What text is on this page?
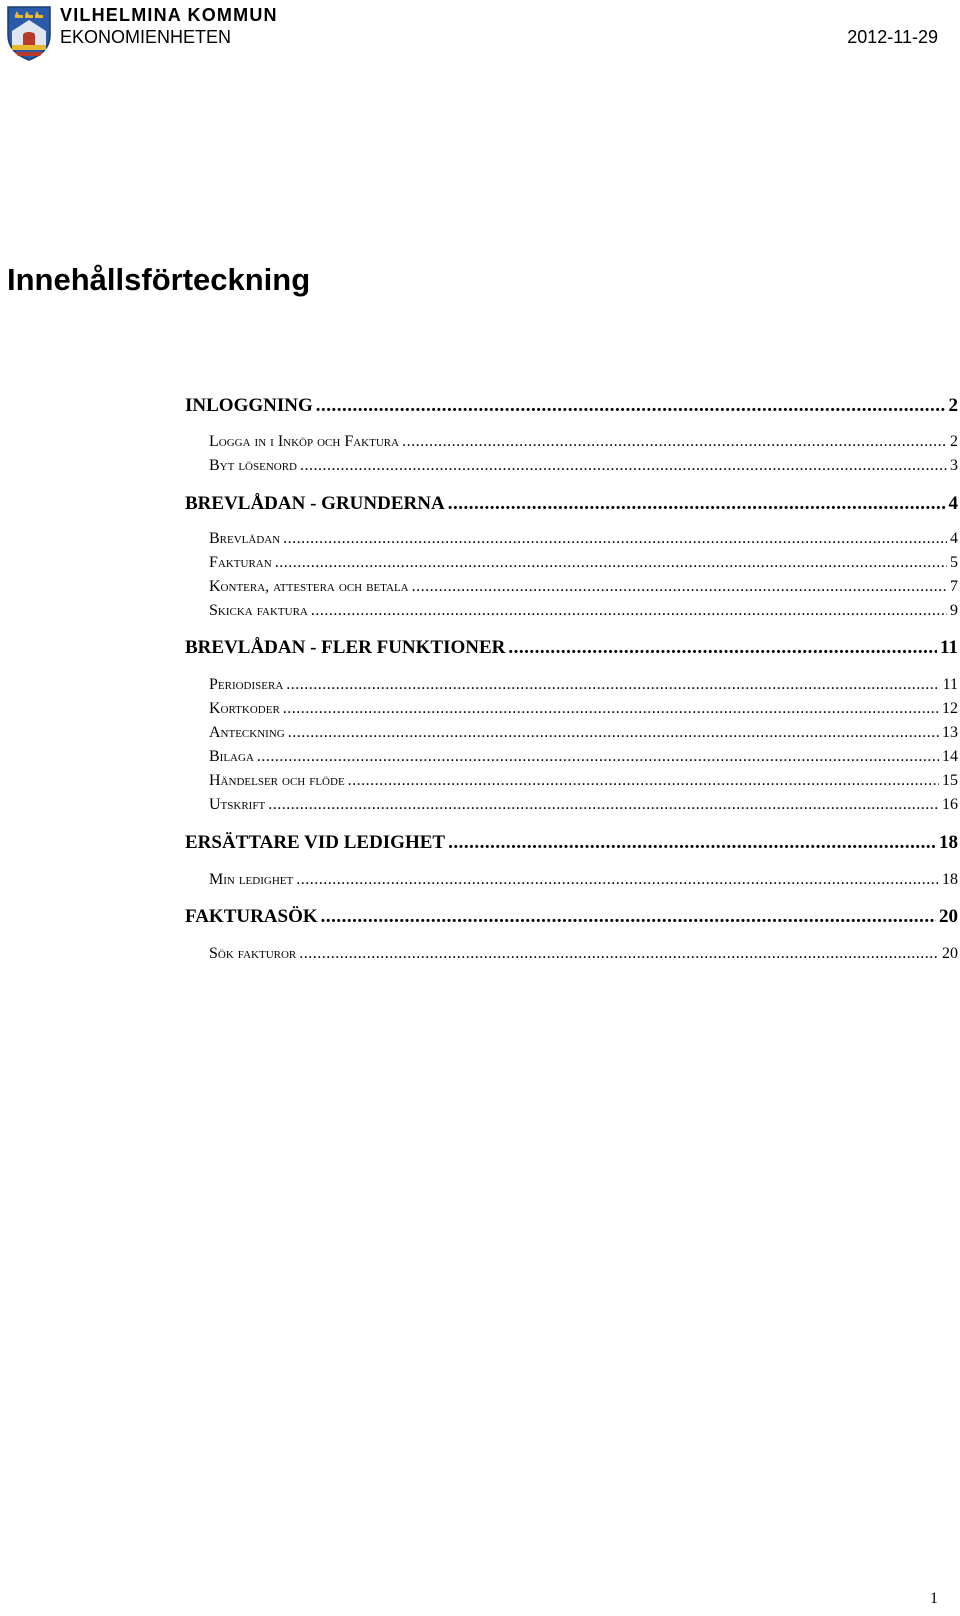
VILHELMINA KOMMUN
EKONOMIENHETEN	2012-11-29
Innehållsförteckning
INLOGGNING .....	2
Logga in i Inköp och Faktura .....	2
Byt lösenord .....	3
BREVLÅDAN - GRUNDERNA .....	4
Brevlådan .....	4
Fakturan .....	5
Kontera, attestera och betala .....	7
Skicka faktura .....	9
BREVLÅDAN - FLER FUNKTIONER .....	11
Periodisera .....	11
Kortkoder .....	12
Anteckning .....	13
Bilaga .....	14
Händelser och flöde .....	15
Utskrift .....	16
ERSÄTTARE VID LEDIGHET .....	18
Min ledighet .....	18
FAKTURASÖK .....	20
Sök fakturor .....	20
1
